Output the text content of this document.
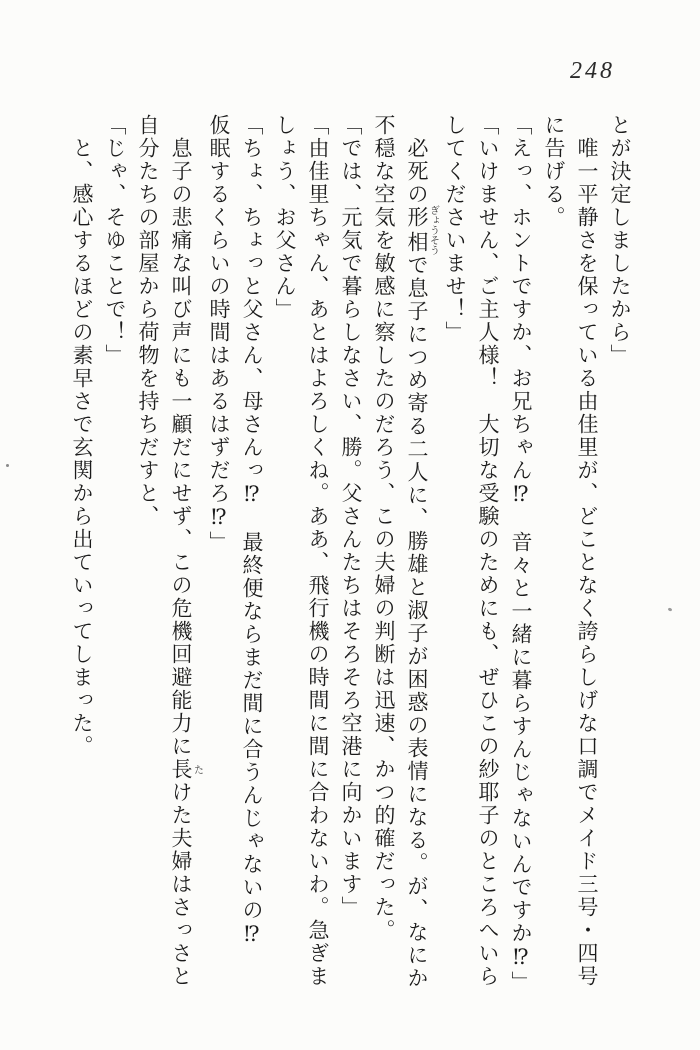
248

とが決定しましたから」

唯一平静さを保っている由佳里が、どことなく誇らしげな口調でメイド三号・四号に告げる。

「えっ、ホントですか、お兄ちゃん⁉　音々と一緒に暮らすんじゃないんですか⁉」

「いけません、ご主人様！　大切な受験のためにも、ぜひこの紗耶子のところへいらしてくださいませ！」

必死の形相ぎょうそうで息子につめ寄る二人に、勝雄と淑子が困惑の表情になる。が、なにか不穏な空気を敏感に察したのだろう、この夫婦の判断は迅速、かつ的確だった。

「では、元気で暮らしなさい、勝。父さんたちはそろそろ空港に向かいます」

「由佳里ちゃん、あとはよろしくね。ああ、飛行機の時間に間に合わないわ。急ぎましょう、お父さん」

「ちょ、ちょっと父さん、母さんっ⁉　最終便ならまだ間に合うんじゃないの⁉　仮眠するくらいの時間はあるはずだろ⁉」

息子の悲痛な叫び声にも一顧だにせず、この危機回避能力に長たけた夫婦はさっさと自分たちの部屋から荷物を持ちだすと、

「じゃ、そゆことで！」

と、感心するほどの素早さで玄関から出ていってしまった。
